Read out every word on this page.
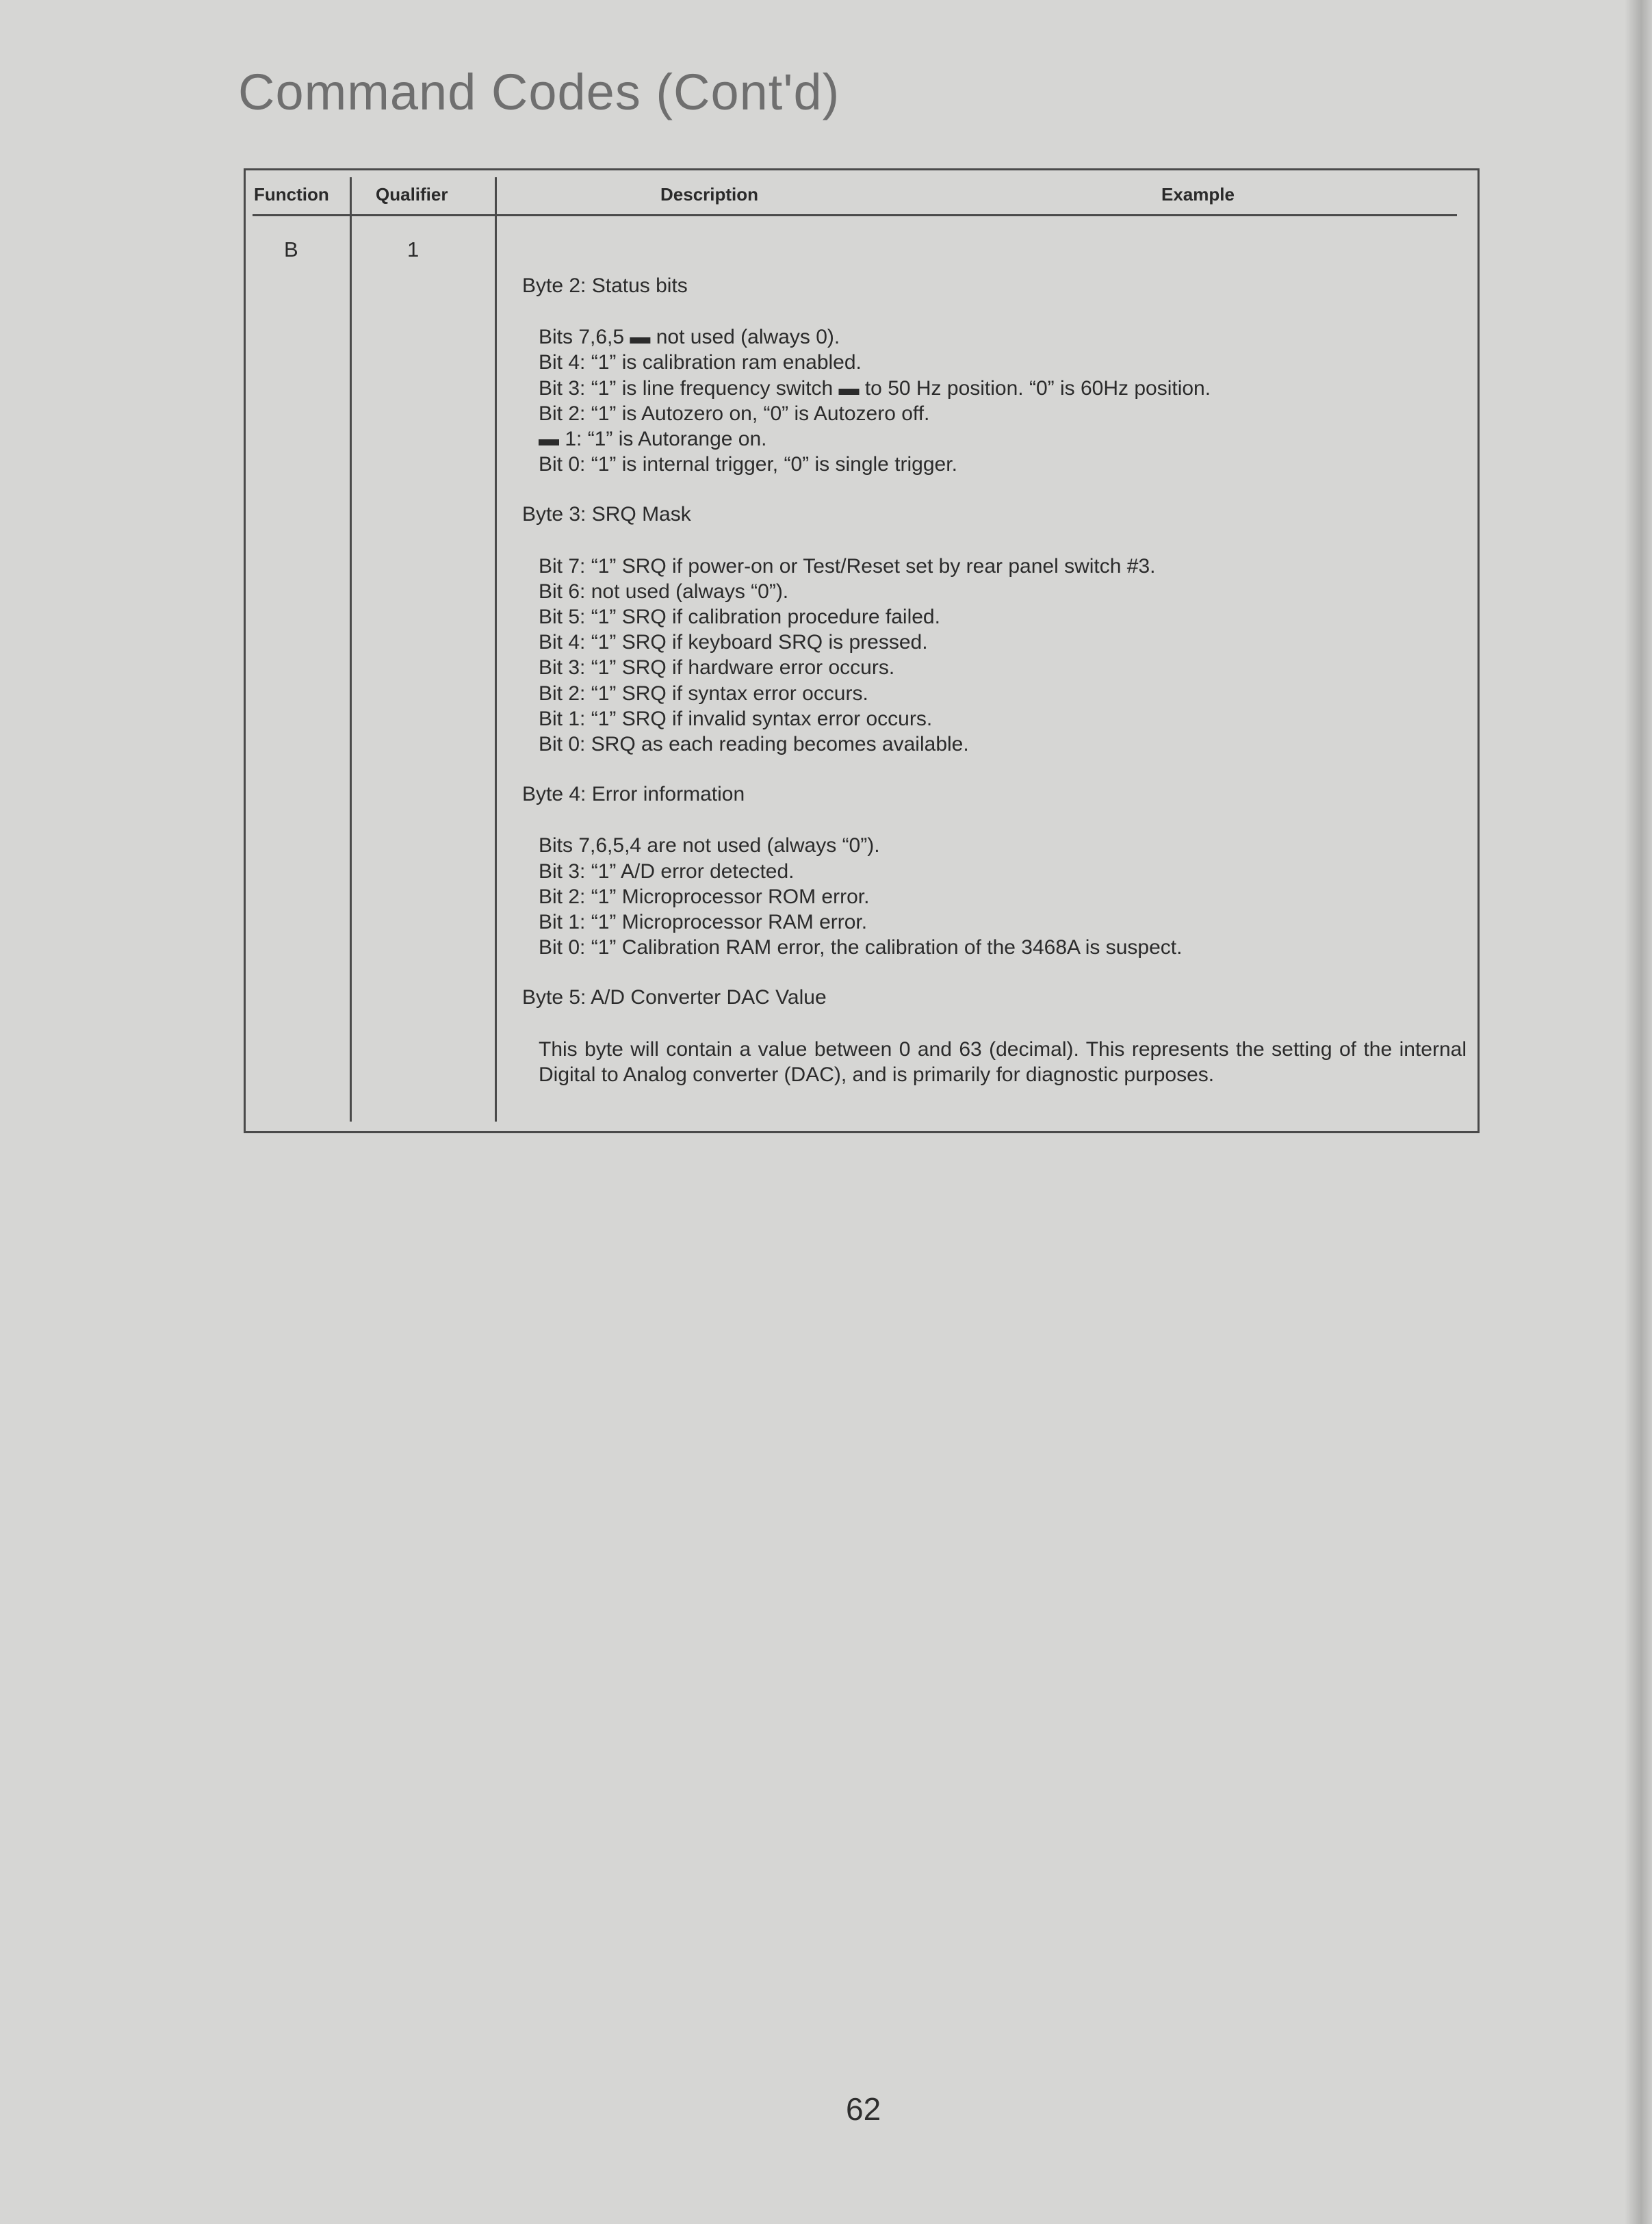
Command Codes (Cont'd)
Function	Qualifier	Description	Example
B	1
Byte 2: Status bits
Bits 7,6,5 ▬ not used (always 0).
Bit 4: “1” is calibration ram enabled.
Bit 3: “1” is line frequency switch ▬ to 50 Hz position. “0” is 60Hz position.
Bit 2: “1” is Autozero on, “0” is Autozero off.
▬ 1: “1” is Autorange on.
Bit 0: “1” is internal trigger, “0” is single trigger.
Byte 3: SRQ Mask
Bit 7: “1” SRQ if power-on or Test/Reset set by rear panel switch #3.
Bit 6: not used (always “0”).
Bit 5: “1” SRQ if calibration procedure failed.
Bit 4: “1” SRQ if keyboard SRQ is pressed.
Bit 3: “1” SRQ if hardware error occurs.
Bit 2: “1” SRQ if syntax error occurs.
Bit 1: “1” SRQ if invalid syntax error occurs.
Bit 0: SRQ as each reading becomes available.
Byte 4: Error information
Bits 7,6,5,4 are not used (always “0”).
Bit 3: “1” A/D error detected.
Bit 2: “1” Microprocessor ROM error.
Bit 1: “1” Microprocessor RAM error.
Bit 0: “1” Calibration RAM error, the calibration of the 3468A is suspect.
Byte 5: A/D Converter DAC Value
This byte will contain a value between 0 and 63 (decimal). This represents the setting of the internal Digital to Analog converter (DAC), and is primarily for diagnostic purposes.
62
